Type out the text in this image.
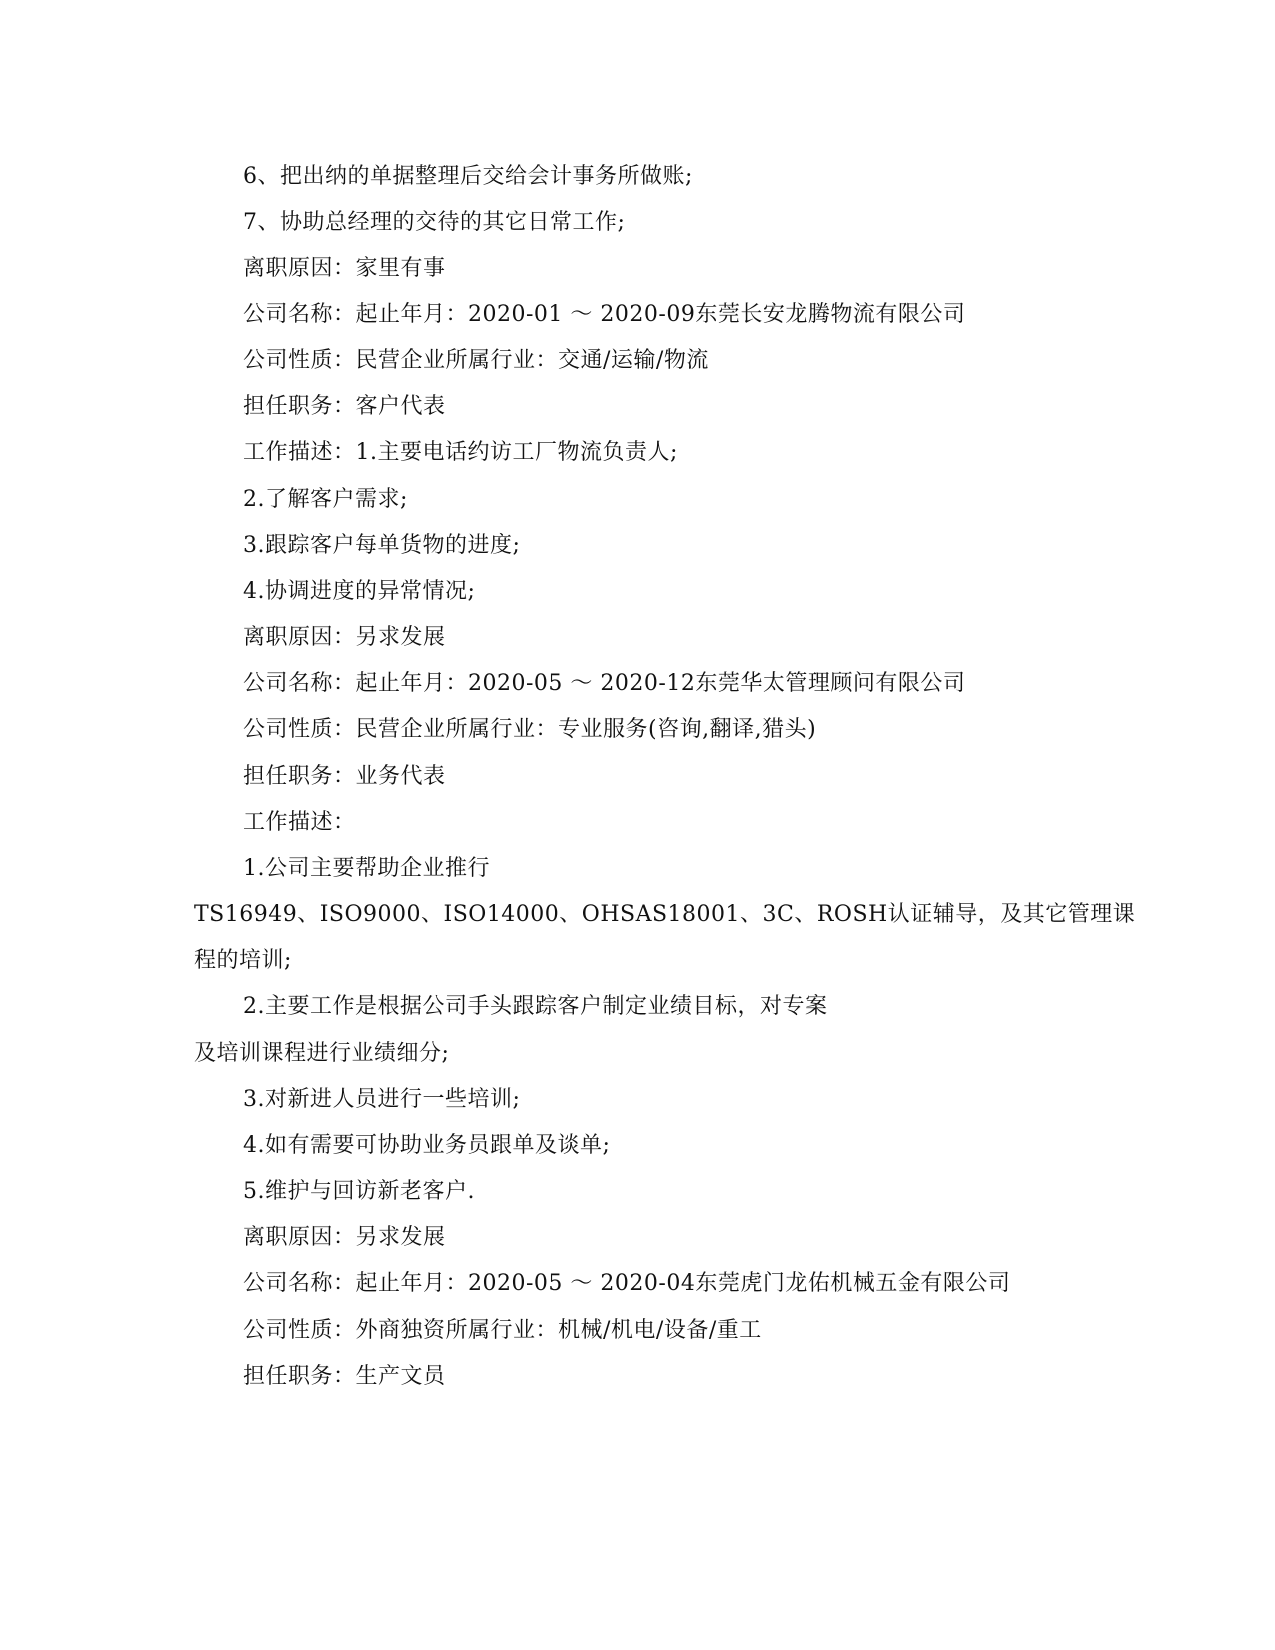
6、把出纳的单据整理后交给会计事务所做账;
7、协助总经理的交待的其它日常工作;
离职原因：家里有事
公司名称：起止年月：2020-01 ～ 2020-09东莞长安龙腾物流有限公司
公司性质：民营企业所属行业：交通/运输/物流
担任职务：客户代表
工作描述：1.主要电话约访工厂物流负责人;
2.了解客户需求;
3.跟踪客户每单货物的进度;
4.协调进度的异常情况;
离职原因：另求发展
公司名称：起止年月：2020-05 ～ 2020-12东莞华太管理顾问有限公司
公司性质：民营企业所属行业：专业服务(咨询,翻译,猎头)
担任职务：业务代表
工作描述：
1.公司主要帮助企业推行
TS16949、ISO9000、ISO14000、OHSAS18001、3C、ROSH认证辅导，及其它管理课
程的培训;
2.主要工作是根据公司手头跟踪客户制定业绩目标，对专案
及培训课程进行业绩细分;
3.对新进人员进行一些培训;
4.如有需要可协助业务员跟单及谈单;
5.维护与回访新老客户.
离职原因：另求发展
公司名称：起止年月：2020-05 ～ 2020-04东莞虎门龙佑机械五金有限公司
公司性质：外商独资所属行业：机械/机电/设备/重工
担任职务：生产文员
